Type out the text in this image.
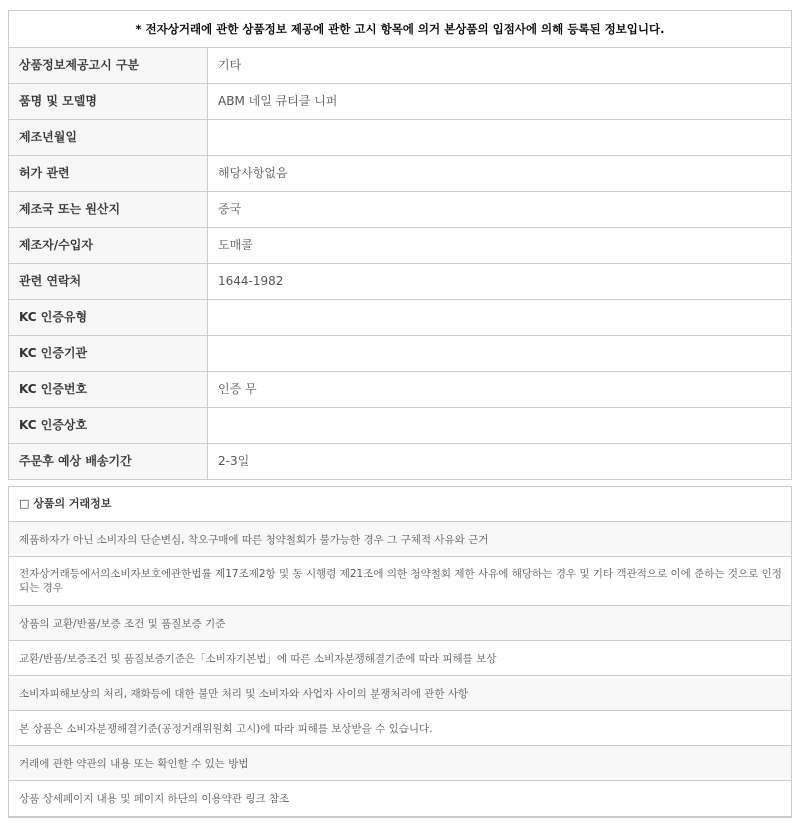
* 전자상거래에 관한 상품정보 제공에 관한 고시 항목에 의거 본상품의 입점사에 의해 등록된 정보입니다.
상품정보제공고시 구분	기타
품명 및 모델명	ABM 네일 큐티클 니퍼
제조년월일
허가 관련	해당사항없음
제조국 또는 원산지	중국
제조자/수입자	도매콜
관련 연락처	1644-1982
KC 인증유형
KC 인증기관
KC 인증번호	인증 무
KC 인증상호
주문후 예상 배송기간	2-3일
□ 상품의 거래정보
제품하자가 아닌 소비자의 단순변심, 착오구매에 따른 청약철회가 불가능한 경우 그 구체적 사유와 근거
전자상거래등에서의소비자보호에관한법률 제17조제2항 및 동 시행령 제21조에 의한 청약철회 제한 사유에 해당하는 경우 및 기타 객관적으로 이에 준하는 것으로 인정되는 경우
상품의 교환/반품/보증 조건 및 품질보증 기준
교환/반품/보증조건 및 품질보증기준은「소비자기본법」에 따른 소비자분쟁해결기준에 따라 피해를 보상
소비자피해보상의 처리, 재화등에 대한 불만 처리 및 소비자와 사업자 사이의 분쟁처리에 관한 사항
본 상품은 소비자분쟁해결기준(공정거래위원회 고시)에 따라 피해를 보상받을 수 있습니다.
거래에 관한 약관의 내용 또는 확인할 수 있는 방법
상품 상세페이지 내용 및 페이지 하단의 이용약관 링크 참조
